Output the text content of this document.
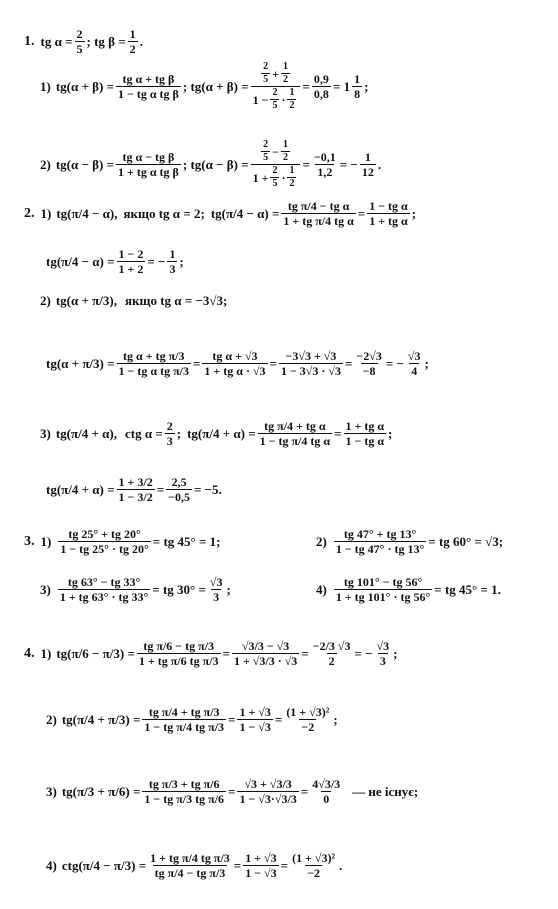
1. tg $\alpha = \frac{2}{5}$ ; tg $\beta = \frac{1}{2}$ .
1) $tg(\alpha + \beta) = \frac{\text{tg α + tg β}}{\text{1 − tg α tg β}}$ ; $tg(\alpha + \beta) = \frac{\frac{2}{5} + \frac{1}{2}}{1 - \frac{2}{5} \cdot \frac{1}{2}} = \frac{0,9}{0,8} = 1 \frac{1}{8}$ ;
2) $tg(\alpha - \beta) = \frac{\text{tg α − tg β}}{\text{1 + tg α tg β}}$ ; $tg(\alpha - \beta) = \frac{\frac{2}{5} - \frac{1}{2}}{1 + \frac{2}{5} \cdot \frac{1}{2}} = \frac{-0,1}{1,2}$ = − $\frac{1}{12}$ .
2. 1) tg(π/4 − α), якщо tg α = 2; $tg(\pi/4 - \alpha) = \frac{\text{tg π/4 − tg α}}{\text{1 + tg π/4 tg α}} = \frac{\text{1 − tg α}}{\text{1 + tg α}}$ ;
$tg(\pi/4 - \alpha) = \frac{1 - 2}{1 + 2}$ = − $\frac{1}{3}$ ;
2) tg(α + π/3), якщо tg α = −3√3;
$tg(\alpha + \pi/3) = \frac{\text{tg α + tg π/3}}{\text{1 − tg α tg π/3}} = \frac{\text{tg α + √3}}{\text{1 + tg α · √3}} = \frac{-3√3 + √3}{1 - 3√3 \cdot √3} = \frac{-2√3}{-8}$ = − $\frac{√3}{4}$ ;
3) tg(π/4 + α), ctg $\alpha = \frac{2}{3}$ ; $tg(\pi/4 + \alpha) = \frac{\text{tg π/4 + tg α}}{\text{1 − tg π/4 tg α}} = \frac{\text{1 + tg α}}{\text{1 − tg α}}$ ;
$tg(\pi/4 + \alpha) = \frac{1 + 3/2}{1 - 3/2} = \frac{2,5}{-0,5} = -5$.
3. $1) \frac{tg 25^\circ + tg 20^\circ}{1 - tg 25^\circ \cdot tg 20^\circ}$ = tg 45° = 1;	$2) \frac{tg 47^\circ + tg 13^\circ}{1 - tg 47^\circ \cdot tg 13^\circ}$ = tg 60° = √3;
$3) \frac{tg 63^\circ - tg 33^\circ}{1 + tg 63^\circ \cdot tg 33^\circ}$ = tg $30^\circ = \frac{√3}{3}$ ;	$4) \frac{tg 101^\circ - tg 56^\circ}{1 + tg 101^\circ \cdot tg 56^\circ}$ = tg 45° = 1.
4. 1) $tg(\pi/6 - \pi/3) = \frac{\text{tg π/6 − tg π/3}}{\text{1 + tg π/6 tg π/3}} = \frac{√3/3 - √3}{1 + √3/3 \cdot √3} = \frac{-2/3 √3}{2}$ = − $\frac{√3}{3}$ ;
2) $tg(\pi/4 + \pi/3) = \frac{\text{tg π/4 + tg π/3}}{\text{1 − tg π/4 tg π/3}} = \frac{1 + √3}{1 - √3} = \frac{\text{(1 + √3)²}}{-2}$ ;
3) $tg(\pi/3 + \pi/6) = \frac{\text{tg π/3 + tg π/6}}{\text{1 − tg π/3 tg π/6}} = \frac{√3 + √3/3}{1 - √3\cdot√3/3} = \frac{4√3/3}{0}$ — не існує;
4) $ctg(\pi/4 - \pi/3) = \frac{\text{1 + tg π/4 tg π/3}}{\text{tg π/4 − tg π/3}} = \frac{1 + √3}{1 - √3} = \frac{\text{(1 + √3)²}}{-2}$ .
